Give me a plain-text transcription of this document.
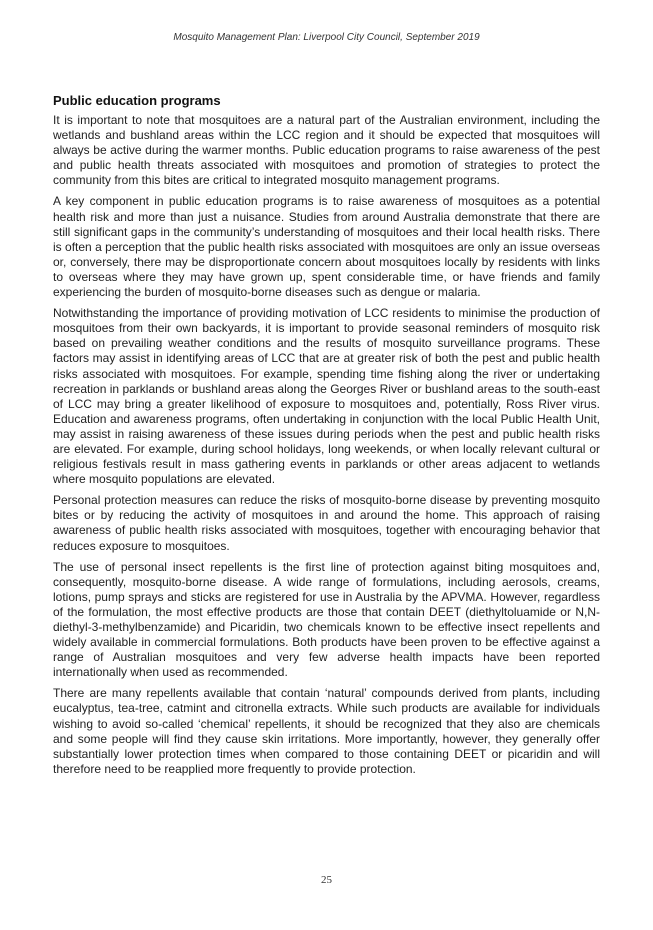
Mosquito Management Plan: Liverpool City Council, September 2019

Public education programs

It is important to note that mosquitoes are a natural part of the Australian environment, including the wetlands and bushland areas within the LCC region and it should be expected that mosquitoes will always be active during the warmer months. Public education programs to raise awareness of the pest and public health threats associated with mosquitoes and promotion of strategies to protect the community from this bites are critical to integrated mosquito management programs.

A key component in public education programs is to raise awareness of mosquitoes as a potential health risk and more than just a nuisance. Studies from around Australia demonstrate that there are still significant gaps in the community’s understanding of mosquitoes and their local health risks. There is often a perception that the public health risks associated with mosquitoes are only an issue overseas or, conversely, there may be disproportionate concern about mosquitoes locally by residents with links to overseas where they may have grown up, spent considerable time, or have friends and family experiencing the burden of mosquito-borne diseases such as dengue or malaria.

Notwithstanding the importance of providing motivation of LCC residents to minimise the production of mosquitoes from their own backyards, it is important to provide seasonal reminders of mosquito risk based on prevailing weather conditions and the results of mosquito surveillance programs. These factors may assist in identifying areas of LCC that are at greater risk of both the pest and public health risks associated with mosquitoes. For example, spending time fishing along the river or undertaking recreation in parklands or bushland areas along the Georges River or bushland areas to the south-east of LCC may bring a greater likelihood of exposure to mosquitoes and, potentially, Ross River virus. Education and awareness programs, often undertaking in conjunction with the local Public Health Unit, may assist in raising awareness of these issues during periods when the pest and public health risks are elevated. For example, during school holidays, long weekends, or when locally relevant cultural or religious festivals result in mass gathering events in parklands or other areas adjacent to wetlands where mosquito populations are elevated.

Personal protection measures can reduce the risks of mosquito-borne disease by preventing mosquito bites or by reducing the activity of mosquitoes in and around the home. This approach of raising awareness of public health risks associated with mosquitoes, together with encouraging behavior that reduces exposure to mosquitoes.

The use of personal insect repellents is the first line of protection against biting mosquitoes and, consequently, mosquito-borne disease. A wide range of formulations, including aerosols, creams, lotions, pump sprays and sticks are registered for use in Australia by the APVMA. However, regardless of the formulation, the most effective products are those that contain DEET (diethyltoluamide or N,N-diethyl-3-methylbenzamide) and Picaridin, two chemicals known to be effective insect repellents and widely available in commercial formulations. Both products have been proven to be effective against a range of Australian mosquitoes and very few adverse health impacts have been reported internationally when used as recommended.

There are many repellents available that contain ‘natural’ compounds derived from plants, including eucalyptus, tea-tree, catmint and citronella extracts. While such products are available for individuals wishing to avoid so-called ‘chemical’ repellents, it should be recognized that they also are chemicals and some people will find they cause skin irritations. More importantly, however, they generally offer substantially lower protection times when compared to those containing DEET or picaridin and will therefore need to be reapplied more frequently to provide protection.

25
